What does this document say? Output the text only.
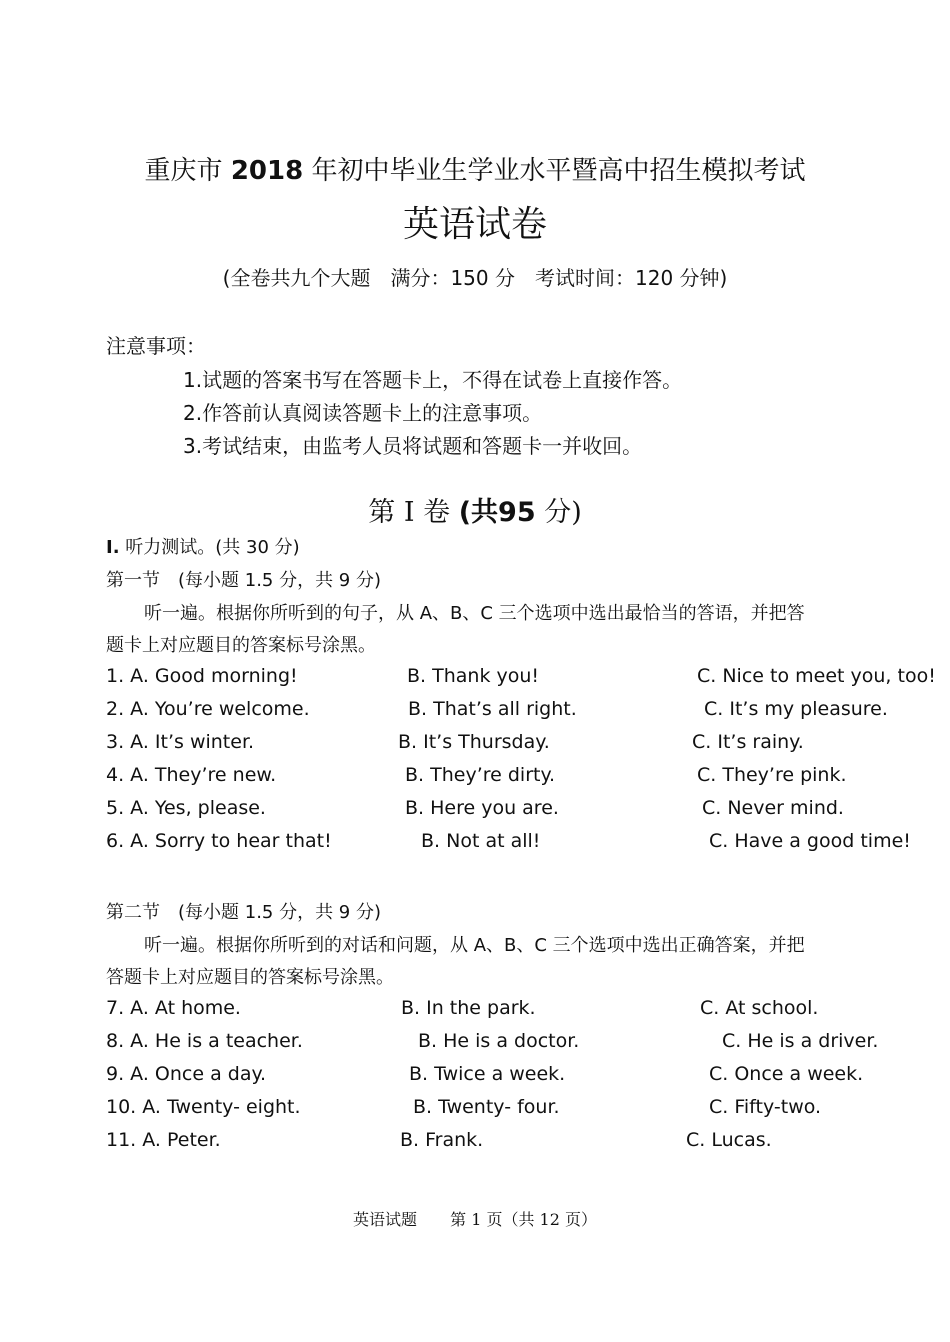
重庆市 2018 年初中毕业生学业水平暨高中招生模拟考试
英语试卷
(全卷共九个大题　满分：150 分　考试时间：120 分钟)
注意事项：
1.试题的答案书写在答题卡上，不得在试卷上直接作答。
2.作答前认真阅读答题卡上的注意事项。
3.考试结束，由监考人员将试题和答题卡一并收回。
第 I 卷 (共95 分)
I. 听力测试。(共 30 分)
第一节　(每小题 1.5 分，共 9 分)
听一遍。根据你所听到的句子，从 A、B、C 三个选项中选出最恰当的答语，并把答
题卡上对应题目的答案标号涂黑。
1. A. Good morning!	B. Thank you!	C. Nice to meet you, too!
2. A. You’re welcome.	B. That’s all right.	C. It’s my pleasure.
3. A. It’s winter.	B. It’s Thursday.	C. It’s rainy.
4. A. They’re new.	B. They’re dirty.	C. They’re pink.
5. A. Yes, please.	B. Here you are.	C. Never mind.
6. A. Sorry to hear that!	B. Not at all!	C. Have a good time!
第二节　(每小题 1.5 分，共 9 分)
听一遍。根据你所听到的对话和问题，从 A、B、C 三个选项中选出正确答案，并把
答题卡上对应题目的答案标号涂黑。
7. A. At home.	B. In the park.	C. At school.
8. A. He is a teacher.	B. He is a doctor.	C. He is a driver.
9. A. Once a day.	B. Twice a week.	C. Once a week.
10. A. Twenty- eight.	B. Twenty- four.	C. Fifty-two.
11. A. Peter.	B. Frank.	C. Lucas.
英语试题 第 1 页（共 12 页）
